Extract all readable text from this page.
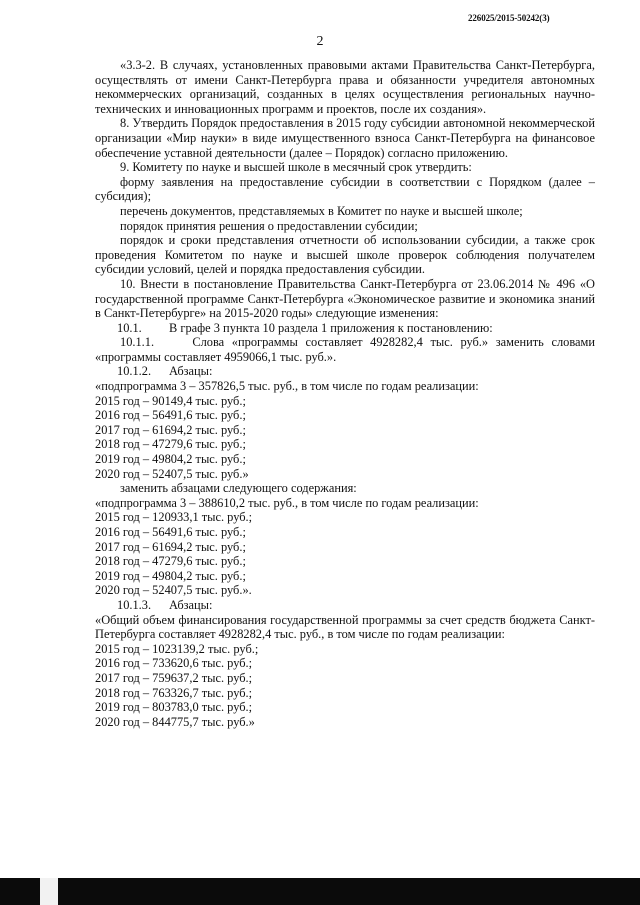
226025/2015-50242(3)
2

«3.3-2. В случаях, установленных правовыми актами Правительства Санкт-Петербурга, осуществлять от имени Санкт-Петербурга права и обязанности учредителя автономных некоммерческих организаций, созданных в целях осуществления региональных научно-технических и инновационных программ и проектов, после их создания».

8. Утвердить Порядок предоставления в 2015 году субсидии автономной некоммерческой организации «Мир науки» в виде имущественного взноса Санкт-Петербурга на финансовое обеспечение уставной деятельности (далее – Порядок) согласно приложению.

9. Комитету по науке и высшей школе в месячный срок утвердить:

форму заявления на предоставление субсидии в соответствии с Порядком (далее – субсидия);

перечень документов, представляемых в Комитет по науке и высшей школе;

порядок принятия решения о предоставлении субсидии;

порядок и сроки представления отчетности об использовании субсидии, а также срок проведения Комитетом по науке и высшей школе проверок соблюдения получателем субсидии условий, целей и порядка предоставления субсидии.

10. Внести в постановление Правительства Санкт-Петербурга от 23.06.2014 № 496 «О государственной программе Санкт-Петербурга «Экономическое развитие и экономика знаний в Санкт-Петербурге» на 2015-2020 годы» следующие изменения:

10.1.	В графе 3 пункта 10 раздела 1 приложения к постановлению:

10.1.1.	Слова «программы составляет 4928282,4 тыс. руб.» заменить словами «программы составляет 4959066,1 тыс. руб.».

10.1.2.	Абзацы:

«подпрограмма 3 – 357826,5 тыс. руб., в том числе по годам реализации:

2015 год – 90149,4 тыс. руб.;

2016 год – 56491,6 тыс. руб.;

2017 год – 61694,2 тыс. руб.;

2018 год – 47279,6 тыс. руб.;

2019 год – 49804,2 тыс. руб.;

2020 год – 52407,5 тыс. руб.»

заменить абзацами следующего содержания:

«подпрограмма 3 – 388610,2 тыс. руб., в том числе по годам реализации:

2015 год – 120933,1 тыс. руб.;

2016 год – 56491,6 тыс. руб.;

2017 год – 61694,2 тыс. руб.;

2018 год – 47279,6 тыс. руб.;

2019 год – 49804,2 тыс. руб.;

2020 год – 52407,5 тыс. руб.».

10.1.3.	Абзацы:

«Общий объем финансирования государственной программы за счет средств бюджета Санкт-Петербурга составляет 4928282,4 тыс. руб., в том числе по годам реализации:

2015 год – 1023139,2 тыс. руб.;

2016 год – 733620,6 тыс. руб.;

2017 год – 759637,2 тыс. руб.;

2018 год – 763326,7 тыс. руб.;

2019 год – 803783,0 тыс. руб.;

2020 год – 844775,7 тыс. руб.»
